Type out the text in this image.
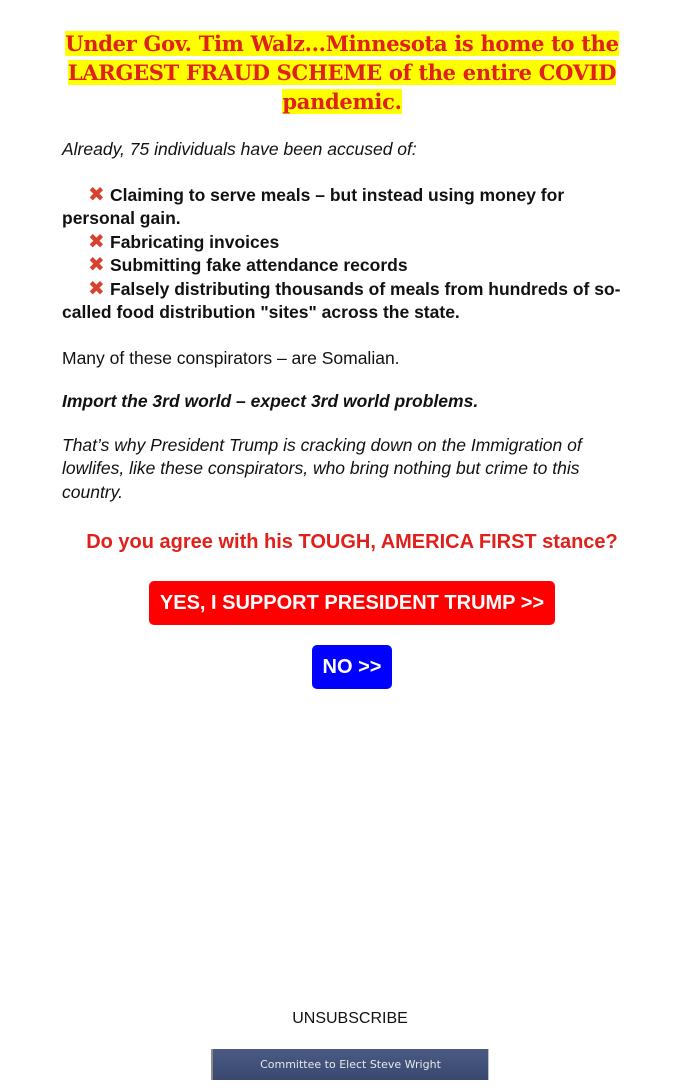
Under Gov. Tim Walz...Minnesota is home to the LARGEST FRAUD SCHEME of the entire COVID pandemic.

Already, 75 individuals have been accused of:

✖ Claiming to serve meals – but instead using money for personal gain.
✖ Fabricating invoices
✖ Submitting fake attendance records
✖ Falsely distributing thousands of meals from hundreds of so-called food distribution "sites" across the state.

Many of these conspirators – are Somalian.

Import the 3rd world – expect 3rd world problems.

That’s why President Trump is cracking down on the Immigration of lowlifes, like these conspirators, who bring nothing but crime to this country.

Do you agree with his TOUGH, AMERICA FIRST stance?

YES, I SUPPORT PRESIDENT TRUMP >>
NO >>
UNSUBSCRIBE
Committee to Elect Steve Wright
